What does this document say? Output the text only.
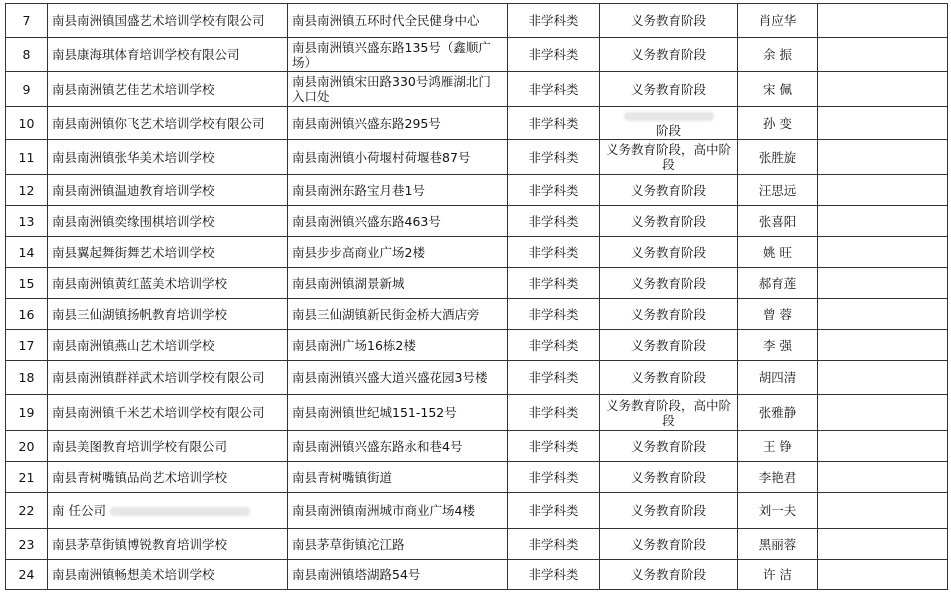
7	南县南洲镇国盛艺术培训学校有限公司	南县南洲镇五环时代全民健身中心	非学科类	义务教育阶段	肖应华	
8	南县康海琪体育培训学校有限公司	南县南洲镇兴盛东路135号（鑫顺广场）	非学科类	义务教育阶段	余 振	
9	南县南洲镇艺佳艺术培训学校	南县南洲镇宋田路330号鸿雁湖北门入口处	非学科类	义务教育阶段	宋 佩	
10	南县南洲镇你飞艺术培训学校有限公司	南县南洲镇兴盛东路295号	非学科类	阶段	孙 变	
11	南县南洲镇张华美术培训学校	南县南洲镇小荷堰村荷堰巷87号	非学科类	义务教育阶段，高中阶段	张胜旋	
12	南县南洲镇温迪教育培训学校	南县南洲东路宝月巷1号	非学科类	义务教育阶段	汪思远	
13	南县南洲镇奕缘围棋培训学校	南县南洲镇兴盛东路463号	非学科类	义务教育阶段	张喜阳	
14	南县翼起舞街舞艺术培训学校	南县步步高商业广场2楼	非学科类	义务教育阶段	姚 旺	
15	南县南洲镇黄红蓝美术培训学校	南县南洲镇湖景新城	非学科类	义务教育阶段	郝育莲	
16	南县三仙湖镇扬帆教育培训学校	南县三仙湖镇新民街金桥大酒店旁	非学科类	义务教育阶段	曾 蓉	
17	南县南洲镇燕山艺术培训学校	南县南洲广场16栋2楼	非学科类	义务教育阶段	李 强	
18	南县南洲镇群祥武术培训学校有限公司	南县南洲镇兴盛大道兴盛花园3号楼	非学科类	义务教育阶段	胡四清	
19	南县南洲镇千米艺术培训学校有限公司	南县南洲镇世纪城151-152号	非学科类	义务教育阶段，高中阶段	张雅静	
20	南县美图教育培训学校有限公司	南县南洲镇兴盛东路永和巷4号	非学科类	义务教育阶段	王 铮	
21	南县青树嘴镇品尚艺术培训学校	南县青树嘴镇街道	非学科类	义务教育阶段	李艳君	
22	南 任公司	南县南洲镇南洲城市商业广场4楼	非学科类	义务教育阶段	刘一夫	
23	南县茅草街镇博锐教育培训学校	南县茅草街镇沱江路	非学科类	义务教育阶段	黑丽蓉	
24	南县南洲镇畅想美术培训学校	南县南洲镇塔湖路54号	非学科类	义务教育阶段	许 洁	
